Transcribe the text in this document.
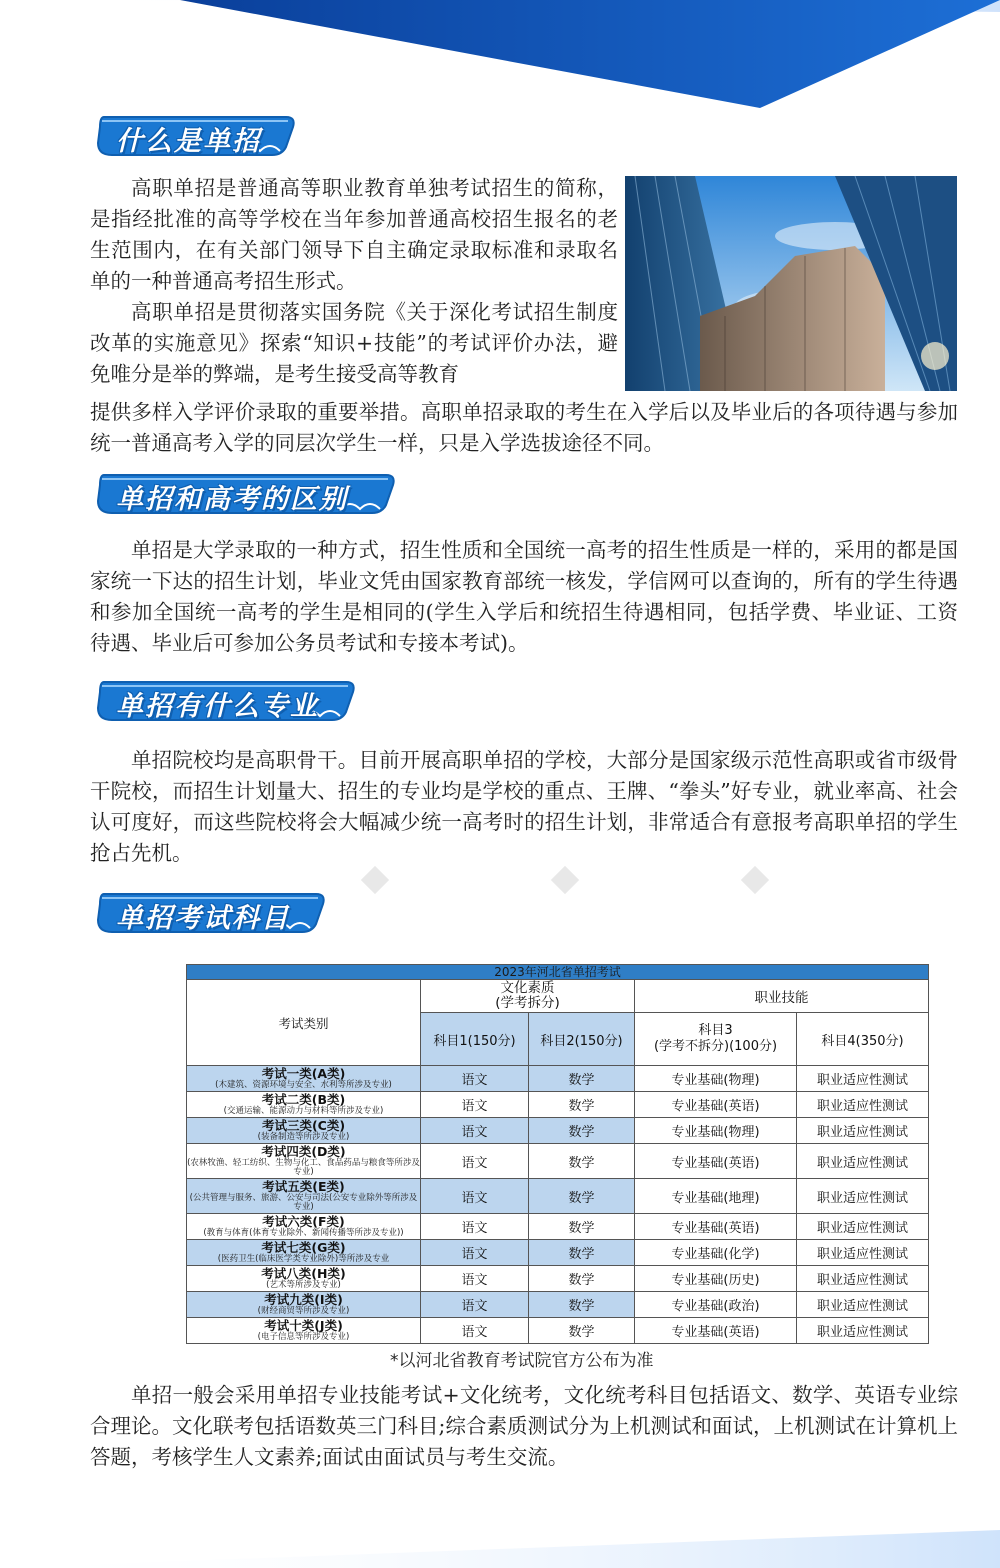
什么是单招

高职单招是普通高等职业教育单独考试招生的简称，是指经批准的高等学校在当年参加普通高校招生报名的老生范围内，在有关部门领导下自主确定录取标准和录取名单的一种普通高考招生形式。

高职单招是贯彻落实国务院《关于深化考试招生制度改革的实施意见》探索“知识+技能”的考试评价办法，避免唯分是举的弊端，是考生接受高等教育

提供多样入学评价录取的重要举措。高职单招录取的考生在入学后以及毕业后的各项待遇与参加统一普通高考入学的同层次学生一样，只是入学选拔途径不同。

单招和高考的区别

单招是大学录取的一种方式，招生性质和全国统一高考的招生性质是一样的，采用的都是国家统一下达的招生计划，毕业文凭由国家教育部统一核发，学信网可以查询的，所有的学生待遇和参加全国统一高考的学生是相同的(学生入学后和统招生待遇相同，包括学费、毕业证、工资待遇、毕业后可参加公务员考试和专接本考试)。

单招有什么专业

单招院校均是高职骨干。目前开展高职单招的学校，大部分是国家级示范性高职或省市级骨干院校，而招生计划量大、招生的专业均是学校的重点、王牌、“拳头”好专业，就业率高、社会认可度好，而这些院校将会大幅减少统一高考时的招生计划，非常适合有意报考高职单招的学生抢占先机。

单招考试科目
2023年河北省单招考试				
考试类别	文化素质
(学考拆分)		职业技能	
	科目1(150分)	科目2(150分)	科目3
(学考不拆分)(100分)	科目4(350分)

考试一类(A类)
(木建筑、资源环境与安全、水利等所涉及专业)	语文	数学	专业基础(物理)	职业适应性测试

考试二类(B类)
(交通运输、能源动力与材料等所涉及专业)	语文	数学	专业基础(英语)	职业适应性测试

考试三类(C类)
(装备制造等所涉及专业)	语文	数学	专业基础(物理)	职业适应性测试

考试四类(D类)
(农林牧渔、轻工纺织、生物与化工、食品药品与粮食等所涉及专业)	语文	数学	专业基础(英语)	职业适应性测试

考试五类(E类)
(公共管理与服务、旅游、公安与司法(公安专业除外等所涉及专业)	语文	数学	专业基础(地理)	职业适应性测试

考试六类(F类)
(教育与体育(体育专业除外、新闻传播等所涉及专业))	语文	数学	专业基础(英语)	职业适应性测试

考试七类(G类)
(医药卫生(临床医学类专业除外)等所涉及专业	语文	数学	专业基础(化学)	职业适应性测试

考试八类(H类)
(艺术等所涉及专业)	语文	数学	专业基础(历史)	职业适应性测试

考试九类(I类)
(财经商贸等所涉及专业)	语文	数学	专业基础(政治)	职业适应性测试

考试十类(J类)
(电子信息等所涉及专业)	语文	数学	专业基础(英语)	职业适应性测试
*以河北省教育考试院官方公布为准

单招一般会采用单招专业技能考试+文化统考，文化统考科目包括语文、数学、英语专业综合理论。文化联考包括语数英三门科目;综合素质测试分为上机测试和面试，上机测试在计算机上答题，考核学生人文素养;面试由面试员与考生交流。
